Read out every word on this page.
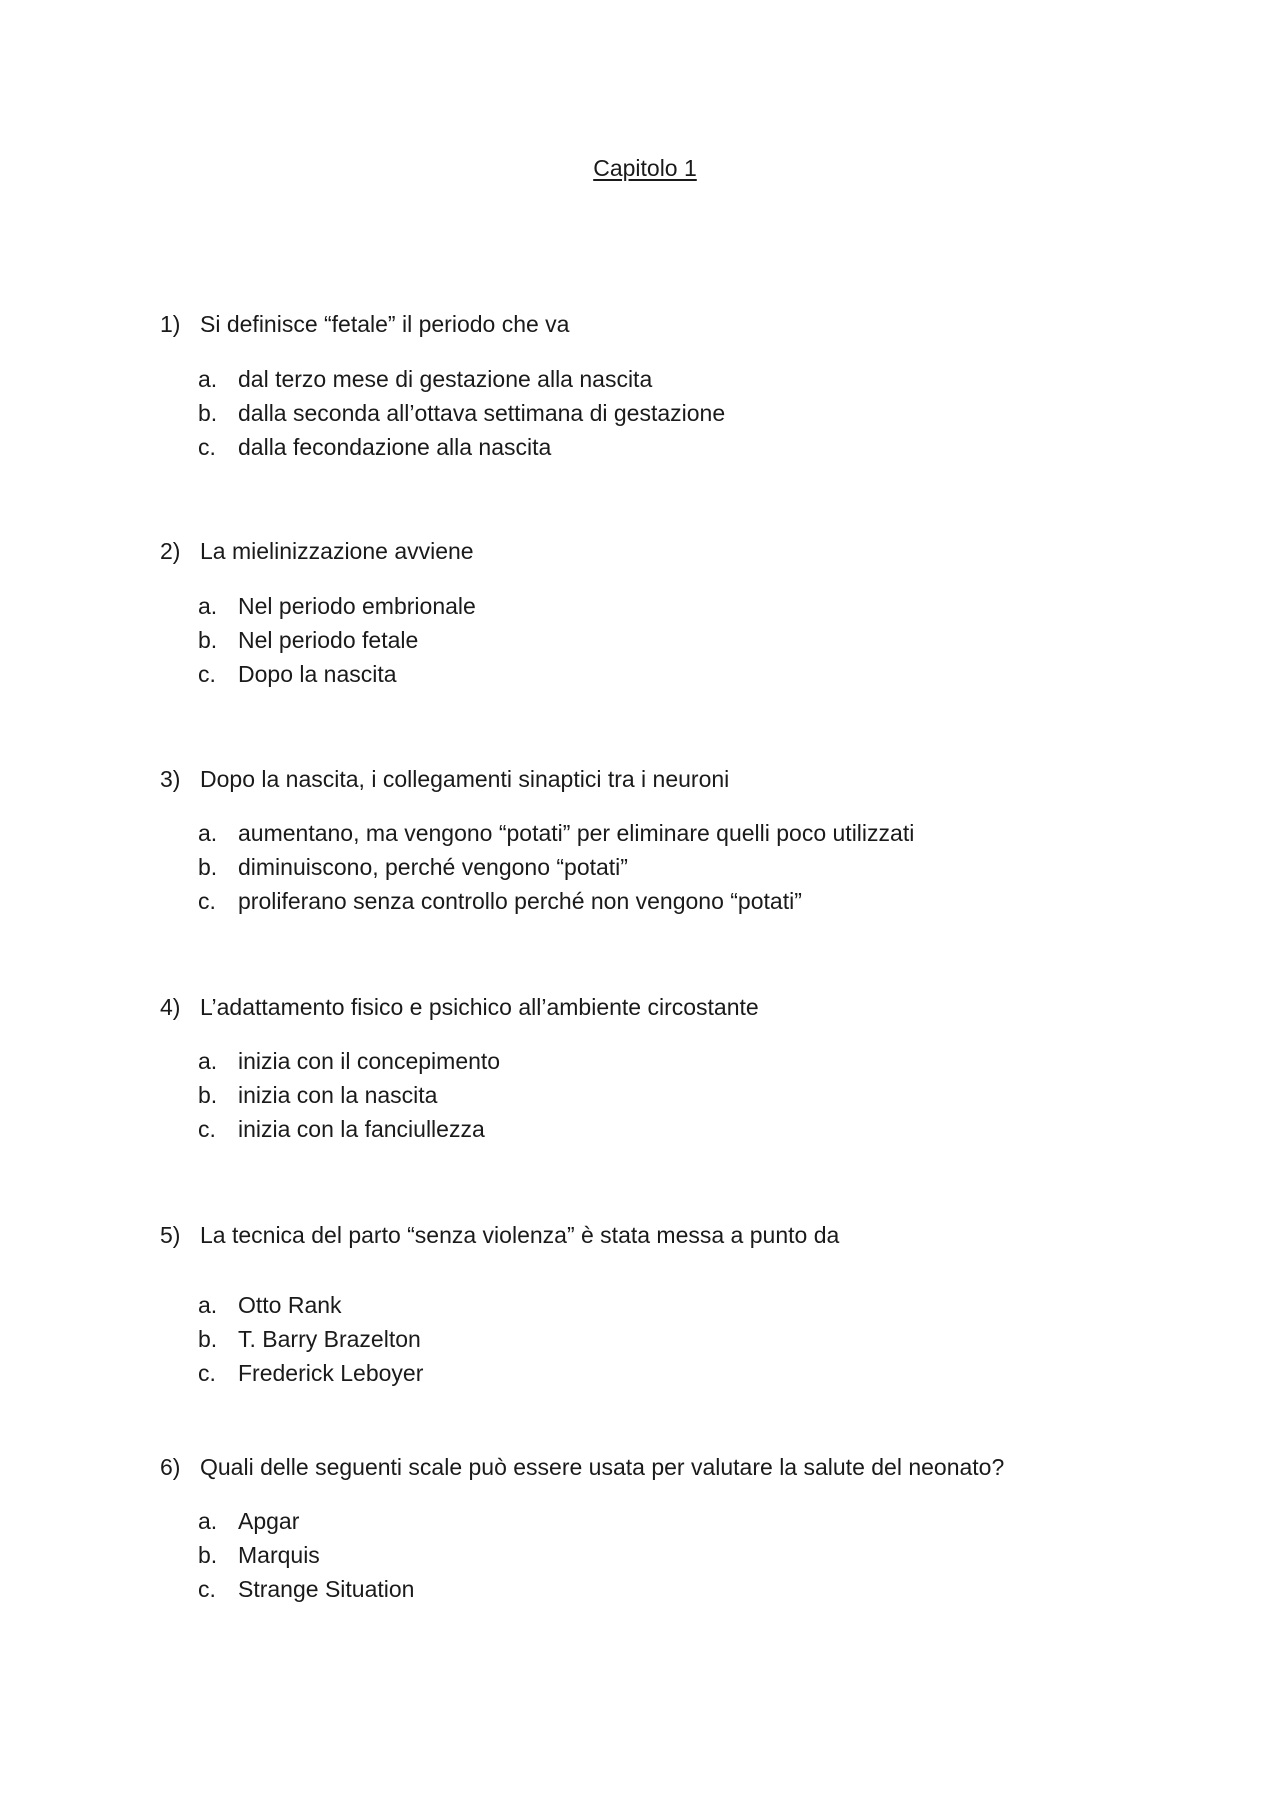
Capitolo 1
1) Si definisce “fetale” il periodo che va
a. dal terzo mese di gestazione alla nascita
b. dalla seconda all’ottava settimana di gestazione
c. dalla fecondazione alla nascita
2) La mielinizzazione avviene
a. Nel periodo embrionale
b. Nel periodo fetale
c. Dopo la nascita
3) Dopo la nascita, i collegamenti sinaptici tra i neuroni
a. aumentano, ma vengono “potati” per eliminare quelli poco utilizzati
b. diminuiscono, perché vengono “potati”
c. proliferano senza controllo perché non vengono “potati”
4) L’adattamento fisico e psichico all’ambiente circostante
a. inizia con il concepimento
b. inizia con la nascita
c. inizia con la fanciullezza
5) La tecnica del parto “senza violenza” è stata messa a punto da
a. Otto Rank
b. T. Barry Brazelton
c. Frederick Leboyer
6) Quali delle seguenti scale può essere usata per valutare la salute del neonato?
a. Apgar
b. Marquis
c. Strange Situation
